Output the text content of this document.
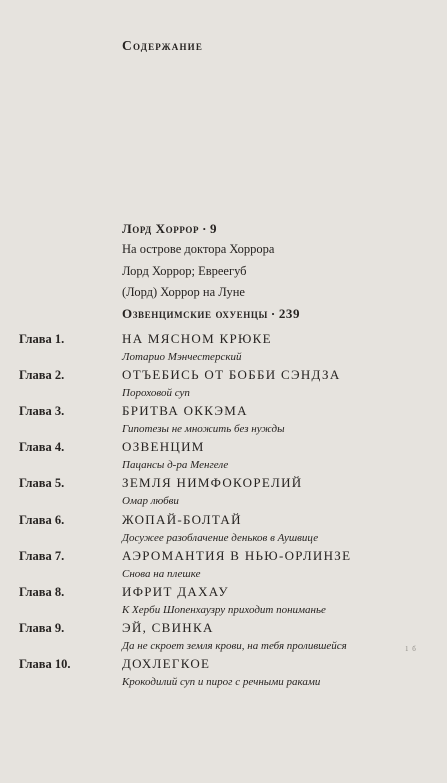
Содержание
Лорд Хоррор · 9
На острове доктора Хоррора
Лорд Хоррор; Евреегуб
(Лорд) Хоррор на Луне
Озвенцимские охуенцы · 239
Глава 1.	НА МЯСНОМ КРЮКЕ
Лотарио Мэнчестерский
Глава 2.	ОТЪЕБИСЬ ОТ БОББИ СЭНДЗА
Пороховой суп
Глава 3.	БРИТВА ОККЭМА
Гипотезы не множить без нужды
Глава 4.	ОЗВЕНЦИМ
Пацансы д-ра Менгеле
Глава 5.	ЗЕМЛЯ НИМФОКОРЕЛИЙ
Омар любви
Глава 6.	ЖОПАЙ-БОЛТАЙ
Досужее разоблачение деньков в Аушвице
Глава 7.	АЭРОМАНТИЯ В НЬЮ-ОРЛИНЗЕ
Снова на плешке
Глава 8.	ИФРИТ ДАХАУ
К Херби Шопенхаузру приходит пониманье
Глава 9.	ЭЙ, СВИНКА
Да не скроет земля крови, на тебя пролившейся
Глава 10.	ДОХЛЕГКОЕ
Крокодилий суп и пирог с речными раками
1 б
